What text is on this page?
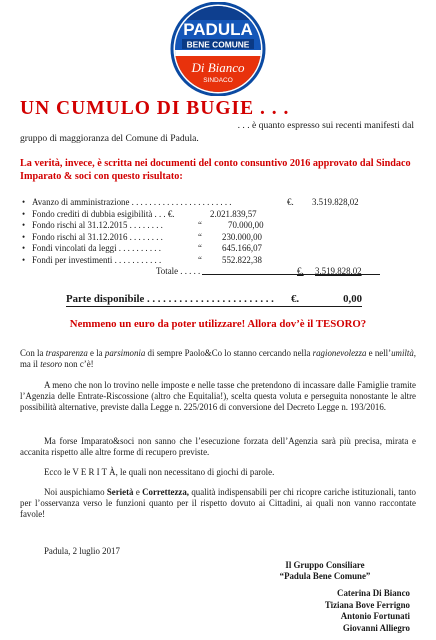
PADULA
BENE COMUNE
Di Bianco
SINDACO
UN CUMULO DI BUGIE . . .
. . . è quanto espresso sui recenti manifesti dal
gruppo di maggioranza del Comune di Padula.
La verità, invece, è scritta nei documenti del conto consuntivo 2016 approvato dal Sindaco Imparato & soci con questo risultato:
• Avanzo di amministrazione . . . . . . . . . . . . . . . . . . . . . . .	€. 3.519.828,02
• Fondo crediti di dubbia esigibilità . . . €.	2.021.839,57
• Fondo rischi al 31.12.2015 . . . . . . . .	“	70.000,00
• Fondo rischi al 31.12.2016 . . . . . . . .	“ 230.000,00
• Fondi vincolati da leggi . . . . . . . . . .	“ 645.166,07
• Fondi per investimenti . . . . . . . . . . .	“ 552.822,38
Totale . . . . .	€. 3.519.828,02
Parte disponibile . . . . . . . . . . . . . . . . . . . . . . . . €.	0,00
Nemmeno un euro da poter utilizzare! Allora dov’è il TESORO?
Con la trasparenza e la parsimonia di sempre Paolo&Co lo stanno cercando nella ragionevolezza e nell’umiltà, ma il tesoro non c’è!
A meno che non lo trovino nelle imposte e nelle tasse che pretendono di incassare dalle Famiglie tramite l’Agenzia delle Entrate-Riscossione (altro che Equitalia!), scelta questa voluta e perseguita nonostante le altre possibilità alternative, previste dalla Legge n. 225/2016 di conversione del Decreto Legge n. 193/2016.
Ma forse Imparato&soci non sanno che l’esecuzione forzata dell’Agenzia sarà più precisa, mirata e accanita rispetto alle altre forme di recupero previste.
Ecco le V E R I T À, le quali non necessitano di giochi di parole.
Noi auspichiamo Serietà e Correttezza, qualità indispensabili per chi ricopre cariche istituzionali, tanto per l’osservanza verso le funzioni quanto per il rispetto dovuto ai Cittadini, ai quali non vanno raccontate favole!
Padula, 2 luglio 2017
Il Gruppo Consiliare
“Padula Bene Comune”
Caterina Di Bianco
Tiziana Bove Ferrigno
Antonio Fortunati
Giovanni Alliegro
